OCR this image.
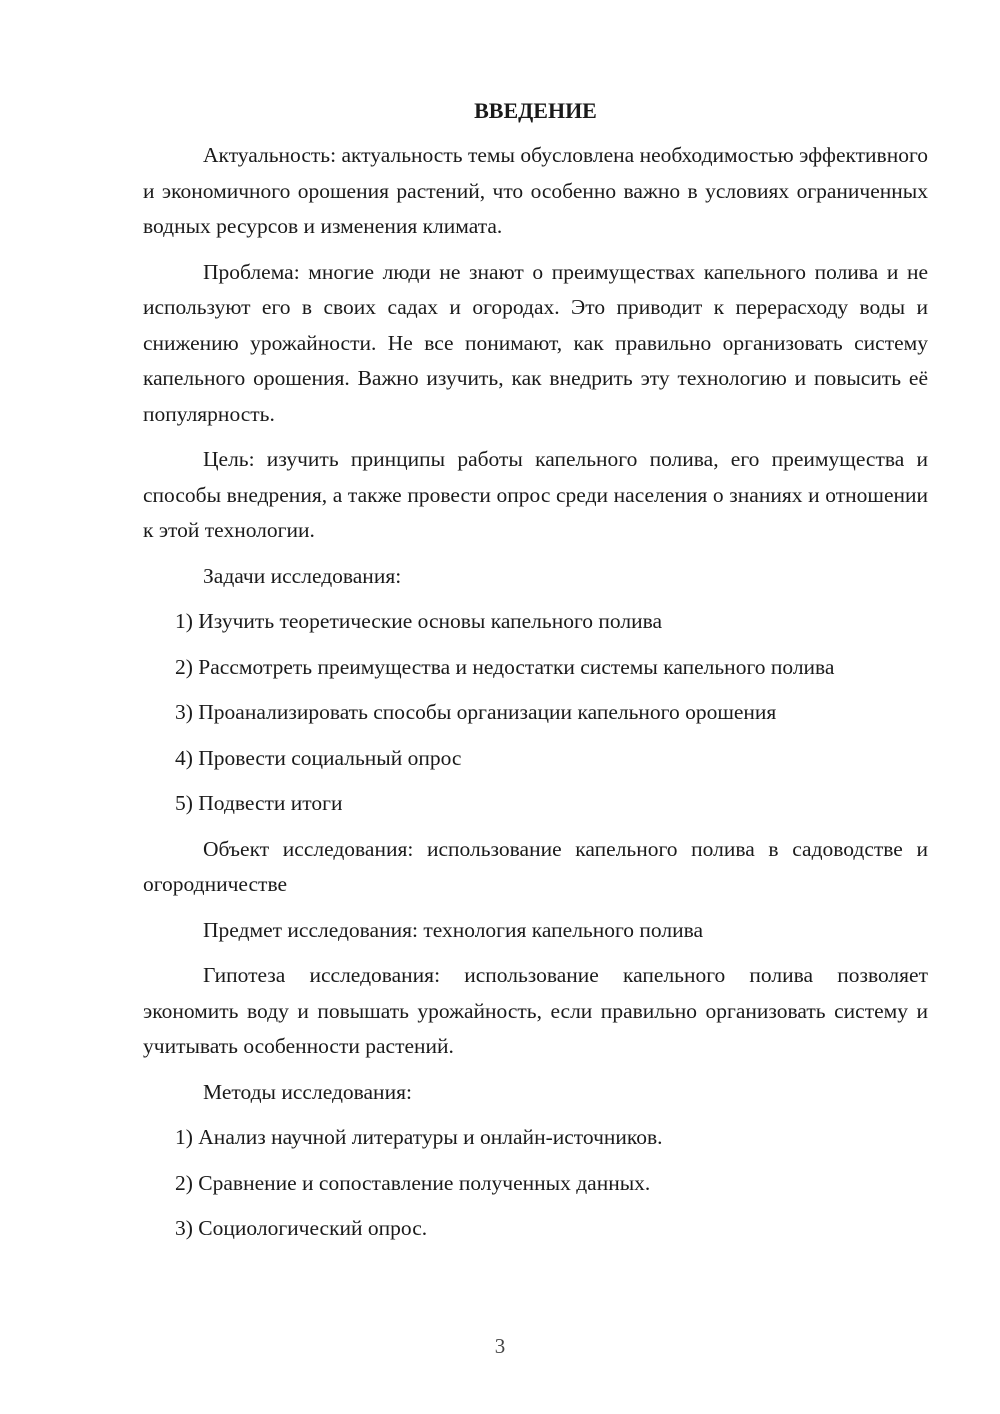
ВВЕДЕНИЕ

Актуальность: актуальность темы обусловлена необходимостью эффективного и экономичного орошения растений, что особенно важно в условиях ограниченных водных ресурсов и изменения климата.

Проблема: многие люди не знают о преимуществах капельного полива и не используют его в своих садах и огородах. Это приводит к перерасходу воды и снижению урожайности. Не все понимают, как правильно организовать систему капельного орошения. Важно изучить, как внедрить эту технологию и повысить её популярность.

Цель: изучить принципы работы капельного полива, его преимущества и способы внедрения, а также провести опрос среди населения о знаниях и отношении к этой технологии.

Задачи исследования:

1) Изучить теоретические основы капельного полива

2) Рассмотреть преимущества и недостатки системы капельного полива

3) Проанализировать способы организации капельного орошения

4) Провести социальный опрос

5) Подвести итоги

Объект исследования: использование капельного полива в садоводстве и огородничестве

Предмет исследования: технология капельного полива

Гипотеза исследования: использование капельного полива позволяет экономить воду и повышать урожайность, если правильно организовать систему и учитывать особенности растений.

Методы исследования:

1) Анализ научной литературы и онлайн-источников.

2) Сравнение и сопоставление полученных данных.

3) Социологический опрос.

3
